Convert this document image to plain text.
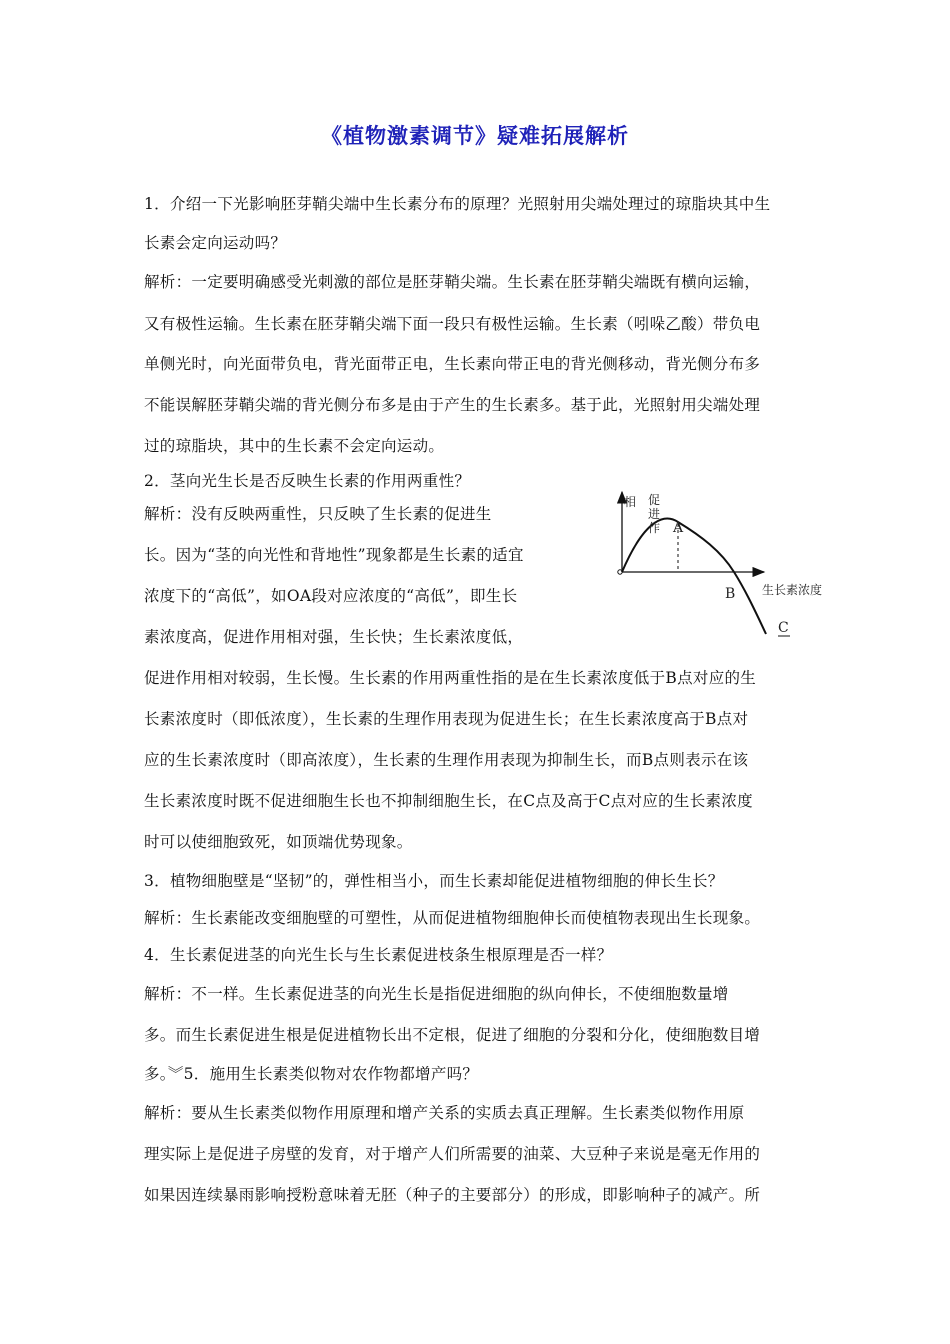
《植物激素调节》疑难拓展解析
1．介绍一下光影响胚芽鞘尖端中生长素分布的原理？光照射用尖端处理过的琼脂块其中生
长素会定向运动吗？
解析：一定要明确感受光刺激的部位是胚芽鞘尖端。生长素在胚芽鞘尖端既有横向运输，
又有极性运输。生长素在胚芽鞘尖端下面一段只有极性运输。生长素（吲哚乙酸）带负电
单侧光时，向光面带负电，背光面带正电，生长素向带正电的背光侧移动，背光侧分布多
不能误解胚芽鞘尖端的背光侧分布多是由于产生的生长素多。基于此，光照射用尖端处理
过的琼脂块，其中的生长素不会定向运动。
2．茎向光生长是否反映生长素的作用两重性？
解析：没有反映两重性，只反映了生长素的促进生
长。因为“茎的向光性和背地性”现象都是生长素的适宜
浓度下的“高低”，如OA段对应浓度的“高低”，即生长
素浓度高，促进作用相对强，生长快；生长素浓度低，
促进作用相对较弱，生长慢。生长素的作用两重性指的是在生长素浓度低于B点对应的生
长素浓度时（即低浓度），生长素的生理作用表现为促进生长；在生长素浓度高于B点对
应的生长素浓度时（即高浓度），生长素的生理作用表现为抑制生长，而B点则表示在该
生长素浓度时既不促进细胞生长也不抑制细胞生长，在C点及高于C点对应的生长素浓度
时可以使细胞致死，如顶端优势现象。
3．植物细胞壁是“坚韧”的，弹性相当小，而生长素却能促进植物细胞的伸长生长？
解析：生长素能改变细胞壁的可塑性，从而促进植物细胞伸长而使植物表现出生长现象。
4．生长素促进茎的向光生长与生长素促进枝条生根原理是否一样？
解析：不一样。生长素促进茎的向光生长是指促进细胞的纵向伸长，不使细胞数量增
多。而生长素促进生根是促进植物长出不定根，促进了细胞的分裂和分化，使细胞数目增
多。︾5．施用生长素类似物对农作物都增产吗？
解析：要从生长素类似物作用原理和增产关系的实质去真正理解。生长素类似物作用原
理实际上是促进子房壁的发育，对于增产人们所需要的油菜、大豆种子来说是毫无作用的
如果因连续暴雨影响授粉意味着无胚（种子的主要部分）的形成，即影响种子的减产。所
相 促
进
作 A
B
C
生长素浓度
